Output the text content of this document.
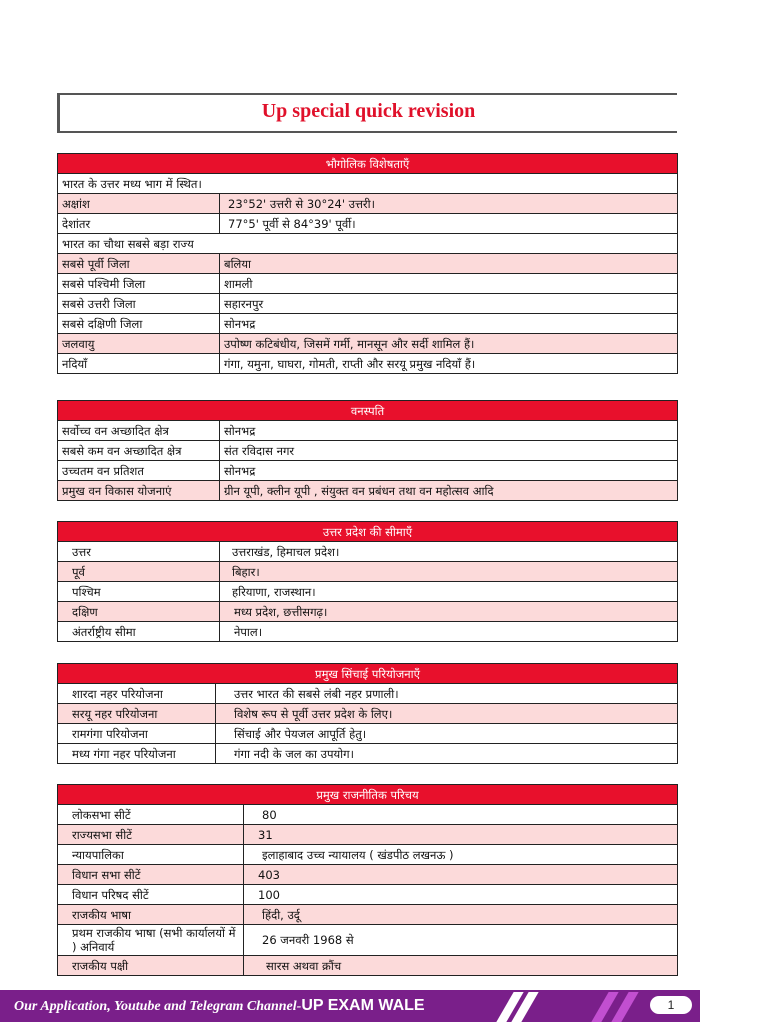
Up special quick revision
भौगोलिक विशेषताएँ	
भारत के उत्तर मध्य भाग में स्थित।	
अक्षांश	23°52' उत्तरी से 30°24' उत्तरी।
देशांतर	77°5' पूर्वी से 84°39' पूर्वी।
भारत का चौथा सबसे बड़ा राज्य	
सबसे पूर्वी जिला	बलिया
सबसे पश्चिमी जिला	शामली
सबसे उत्तरी जिला	सहारनपुर
सबसे दक्षिणी जिला	सोनभद्र
जलवायु	उपोष्ण कटिबंधीय, जिसमें गर्मी, मानसून और सर्दी शामिल हैं।
नदियाँ	गंगा, यमुना, घाघरा, गोमती, राप्ती और सरयू प्रमुख नदियाँ हैं।
वनस्पति	
सर्वोच्च वन अच्छादित क्षेत्र	सोनभद्र
सबसे कम वन अच्छादित क्षेत्र	संत रविदास नगर
उच्चतम वन प्रतिशत	सोनभद्र
प्रमुख वन विकास योजनाएं	ग्रीन यूपी, क्लीन यूपी , संयुक्त वन प्रबंधन तथा वन महोत्सव आदि
उत्तर प्रदेश की सीमाएँ	
उत्तर	उत्तराखंड, हिमाचल प्रदेश।
पूर्व	बिहार।
पश्चिम	हरियाणा, राजस्थान।
दक्षिण	मध्य प्रदेश, छत्तीसगढ़।
अंतर्राष्ट्रीय सीमा	नेपाल।
प्रमुख सिंचाई परियोजनाएँ	
शारदा नहर परियोजना	उत्तर भारत की सबसे लंबी नहर प्रणाली।
सरयू नहर परियोजना	विशेष रूप से पूर्वी उत्तर प्रदेश के लिए।
रामगंगा परियोजना	सिंचाई और पेयजल आपूर्ति हेतु।
मध्य गंगा नहर परियोजना	गंगा नदी के जल का उपयोग।
प्रमुख राजनीतिक परिचय	
लोकसभा सीटें	80
राज्यसभा सीटें	31
न्यायपालिका	इलाहाबाद उच्च न्यायालय ( खंडपीठ लखनऊ )
विधान सभा सीटें	403
विधान परिषद सीटें	100
राजकीय भाषा	हिंदी, उर्दू
प्रथम राजकीय भाषा (सभी कार्यालयों में ) अनिवार्य	26 जनवरी 1968 से
राजकीय पक्षी	सारस अथवा क्रौंच
Our Application, Youtube and Telegram Channel-UP EXAM WALE	1
